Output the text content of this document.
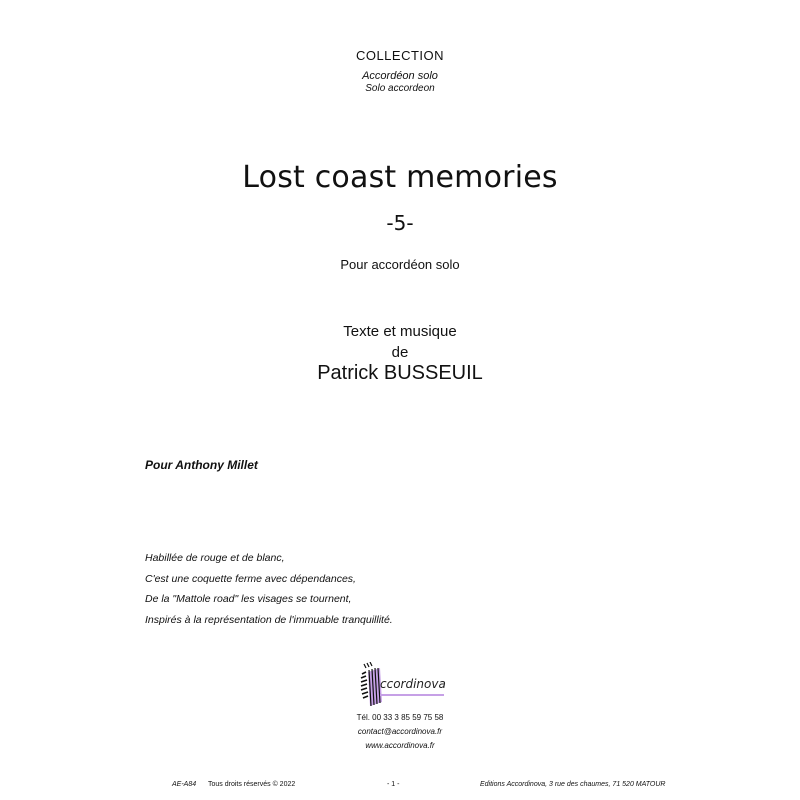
COLLECTION
Accordéon solo
Solo accordeon
Lost coast memories
-5-
Pour accordéon solo
Texte et musique
de
Patrick BUSSEUIL
Pour Anthony Millet
Habillée de rouge et de blanc,
C'est une coquette ferme avec dépendances,
De la "Mattole road" les visages se tournent,
Inspirés à la représentation de l'immuable tranquillité.
ccordinova
Tél. 00 33 3 85 59 75 58
contact@accordinova.fr
www.accordinova.fr
AE-A84 Tous droits réservés © 2022	- 1 -	Editions Accordinova, 3 rue des chaumes, 71 520 MATOUR
